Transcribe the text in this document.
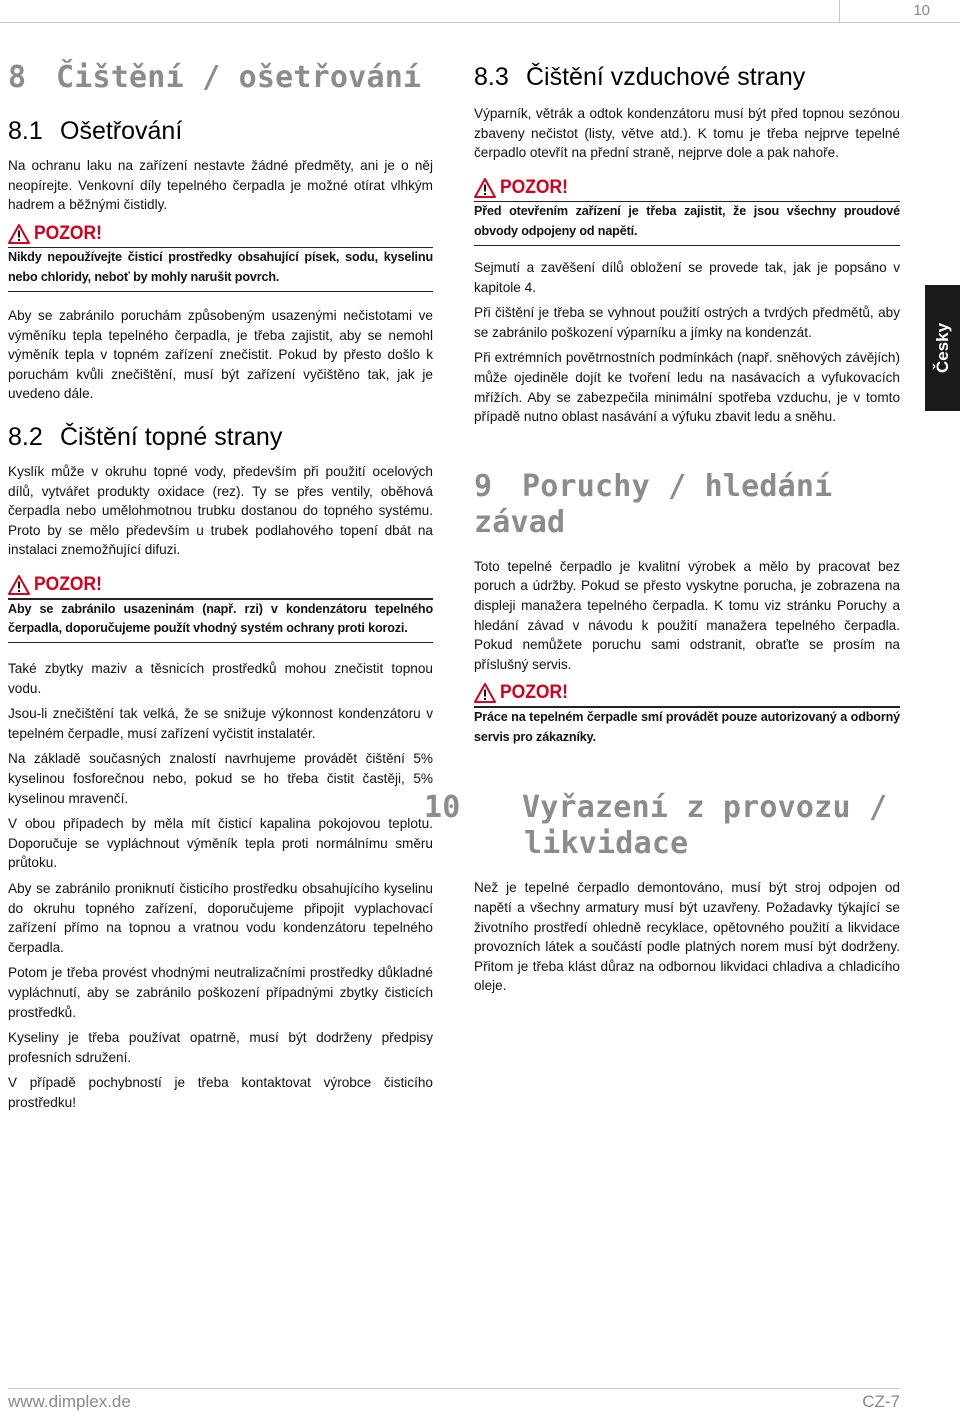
10
Česky
8 Čištění / ošetřování
8.1 Ošetřování

Na ochranu laku na zařízení nestavte žádné předměty, ani je o něj neopírejte. Venkovní díly tepelného čerpadla je možné otírat vlhkým hadrem a běžnými čistidly.

POZOR!
Nikdy nepoužívejte čisticí prostředky obsahující písek, sodu, kyselinu nebo chloridy, neboť by mohly narušit povrch.

Aby se zabránilo poruchám způsobeným usazenými nečistotami ve výměníku tepla tepelného čerpadla, je třeba zajistit, aby se nemohl výměník tepla v topném zařízení znečistit. Pokud by přesto došlo k poruchám kvůli znečištění, musí být zařízení vyčištěno tak, jak je uvedeno dále.

8.2 Čištění topné strany

Kyslík může v okruhu topné vody, především při použití ocelových dílů, vytvářet produkty oxidace (rez). Ty se přes ventily, oběhová čerpadla nebo umělohmotnou trubku dostanou do topného systému. Proto by se mělo především u trubek podlahového topení dbát na instalaci znemožňující difuzi.

POZOR!
Aby se zabránilo usazeninám (např. rzi) v kondenzátoru tepelného čerpadla, doporučujeme použít vhodný systém ochrany proti korozi.

Také zbytky maziv a těsnicích prostředků mohou znečistit topnou vodu.

Jsou-li znečištění tak velká, že se snižuje výkonnost kondenzátoru v tepelném čerpadle, musí zařízení vyčistit instalatér.

Na základě současných znalostí navrhujeme provádět čištění 5% kyselinou fosforečnou nebo, pokud se ho třeba čistit častěji, 5% kyselinou mravenčí.

V obou případech by měla mít čisticí kapalina pokojovou teplotu. Doporučuje se vypláchnout výměník tepla proti normálnímu směru průtoku.

Aby se zabránilo proniknutí čisticího prostředku obsahujícího kyselinu do okruhu topného zařízení, doporučujeme připojit vyplachovací zařízení přímo na topnou a vratnou vodu kondenzátoru tepelného čerpadla.

Potom je třeba provést vhodnými neutralizačními prostředky důkladné vypláchnutí, aby se zabránilo poškození případnými zbytky čisticích prostředků.

Kyseliny je třeba používat opatrně, musí být dodrženy předpisy profesních sdružení.

V případě pochybností je třeba kontaktovat výrobce čisticího prostředku!

8.3 Čištění vzduchové strany

Výparník, větrák a odtok kondenzátoru musí být před topnou sezónou zbaveny nečistot (listy, větve atd.). K tomu je třeba nejprve tepelné čerpadlo otevřít na přední straně, nejprve dole a pak nahoře.

POZOR!
Před otevřením zařízení je třeba zajistit, že jsou všechny proudové obvody odpojeny od napětí.

Sejmutí a zavěšení dílů obložení se provede tak, jak je popsáno v kapitole 4.

Při čištění je třeba se vyhnout použití ostrých a tvrdých předmětů, aby se zabránilo poškození výparníku a jímky na kondenzát.

Při extrémních povětrnostních podmínkách (např. sněhových závějích) může ojediněle dojít ke tvoření ledu na nasávacích a vyfukovacích mřížích. Aby se zabezpečila minimální spotřeba vzduchu, je v tomto případě nutno oblast nasávání a výfuku zbavit ledu a sněhu.

9 Poruchy / hledání závad

Toto tepelné čerpadlo je kvalitní výrobek a mělo by pracovat bez poruch a údržby. Pokud se přesto vyskytne porucha, je zobrazena na displeji manažera tepelného čerpadla. K tomu viz stránku Poruchy a hledání závad v návodu k použití manažera tepelného čerpadla. Pokud nemůžete poruchu sami odstranit, obraťte se prosím na příslušný servis.

POZOR!
Práce na tepelném čerpadle smí provádět pouze autorizovaný a odborný servis pro zákazníky.
10 Vyřazení z provozu / likvidace

Než je tepelné čerpadlo demontováno, musí být stroj odpojen od napětí a všechny armatury musí být uzavřeny. Požadavky týkající se životního prostředí ohledně recyklace, opětovného použití a likvidace provozních látek a součástí podle platných norem musí být dodrženy. Přitom je třeba klást důraz na odbornou likvidaci chladiva a chladicího oleje.

www.dimplex.de	CZ-7
